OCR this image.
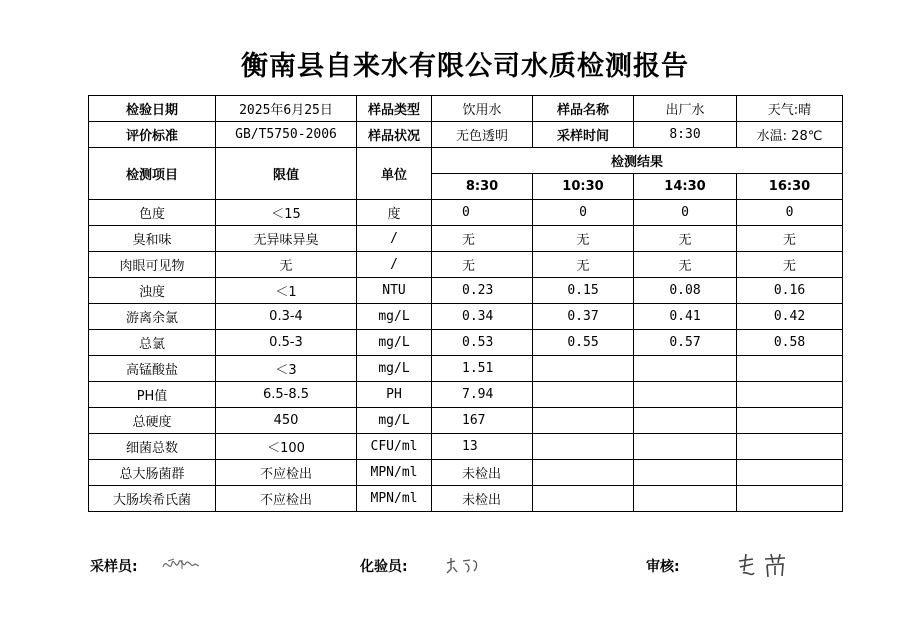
衡南县自来水有限公司水质检测报告
检验日期	2025年6月25日	样品类型	饮用水	样品名称	出厂水	天气:晴
评价标准	GB/T5750-2006	样品状况	无色透明	采样时间	8:30	水温: 28℃
检测项目	限值	单位	检测结果			
			8:30	10:30	14:30	16:30
色度	＜15	度	0	0	0	0
臭和味	无异味异臭	/	无	无	无	无
肉眼可见物	无	/	无	无	无	无
浊度	＜1	NTU	0.23	0.15	0.08	0.16
游离余氯	0.3-4	mg/L	0.34	0.37	0.41	0.42
总氯	0.5-3	mg/L	0.53	0.55	0.57	0.58
高锰酸盐	＜3	mg/L	1.51			
PH值	6.5-8.5	PH	7.94			
总硬度	450	mg/L	167			
细菌总数	＜100	CFU/ml	13			
总大肠菌群	不应检出	MPN/ml	未检出			
大肠埃希氏菌	不应检出	MPN/ml	未检出			
采样员:	化验员:	审核:
